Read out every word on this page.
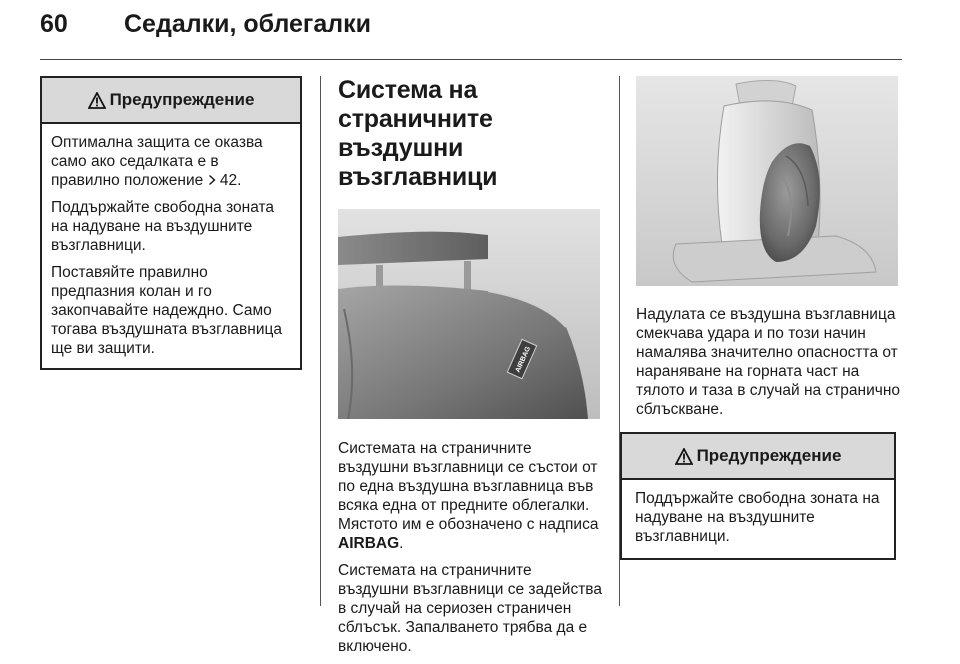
60 Седалки, облегалки
Предупреждение

Оптимална защита се оказва само ако седалката е в правилно положение 42.

Поддържайте свободна зоната на надуване на въздушните възглавници.

Поставяйте правилно предпазния колан и го закопчавайте надеждно. Само тогава въздушната възглавница ще ви защити.

Система на страничните въздушни възглавници
AIRBAG

Системата на страничните въздушни възглавници се състои от по една въздушна възглавница във всяка една от предните облегалки. Мястото им е обозначено с надписа AIRBAG.

Системата на страничните въздушни възглавници се задейства в случай на сериозен страничен сблъсък. Запалването трябва да е включено.

Надулата се въздушна възглавница смекчава удара и по този начин намалява значително опасността от нараняване на горната част на тялото и таза в случай на странично сблъскване.

Предупреждение

Поддържайте свободна зоната на надуване на въздушните възглавници.
